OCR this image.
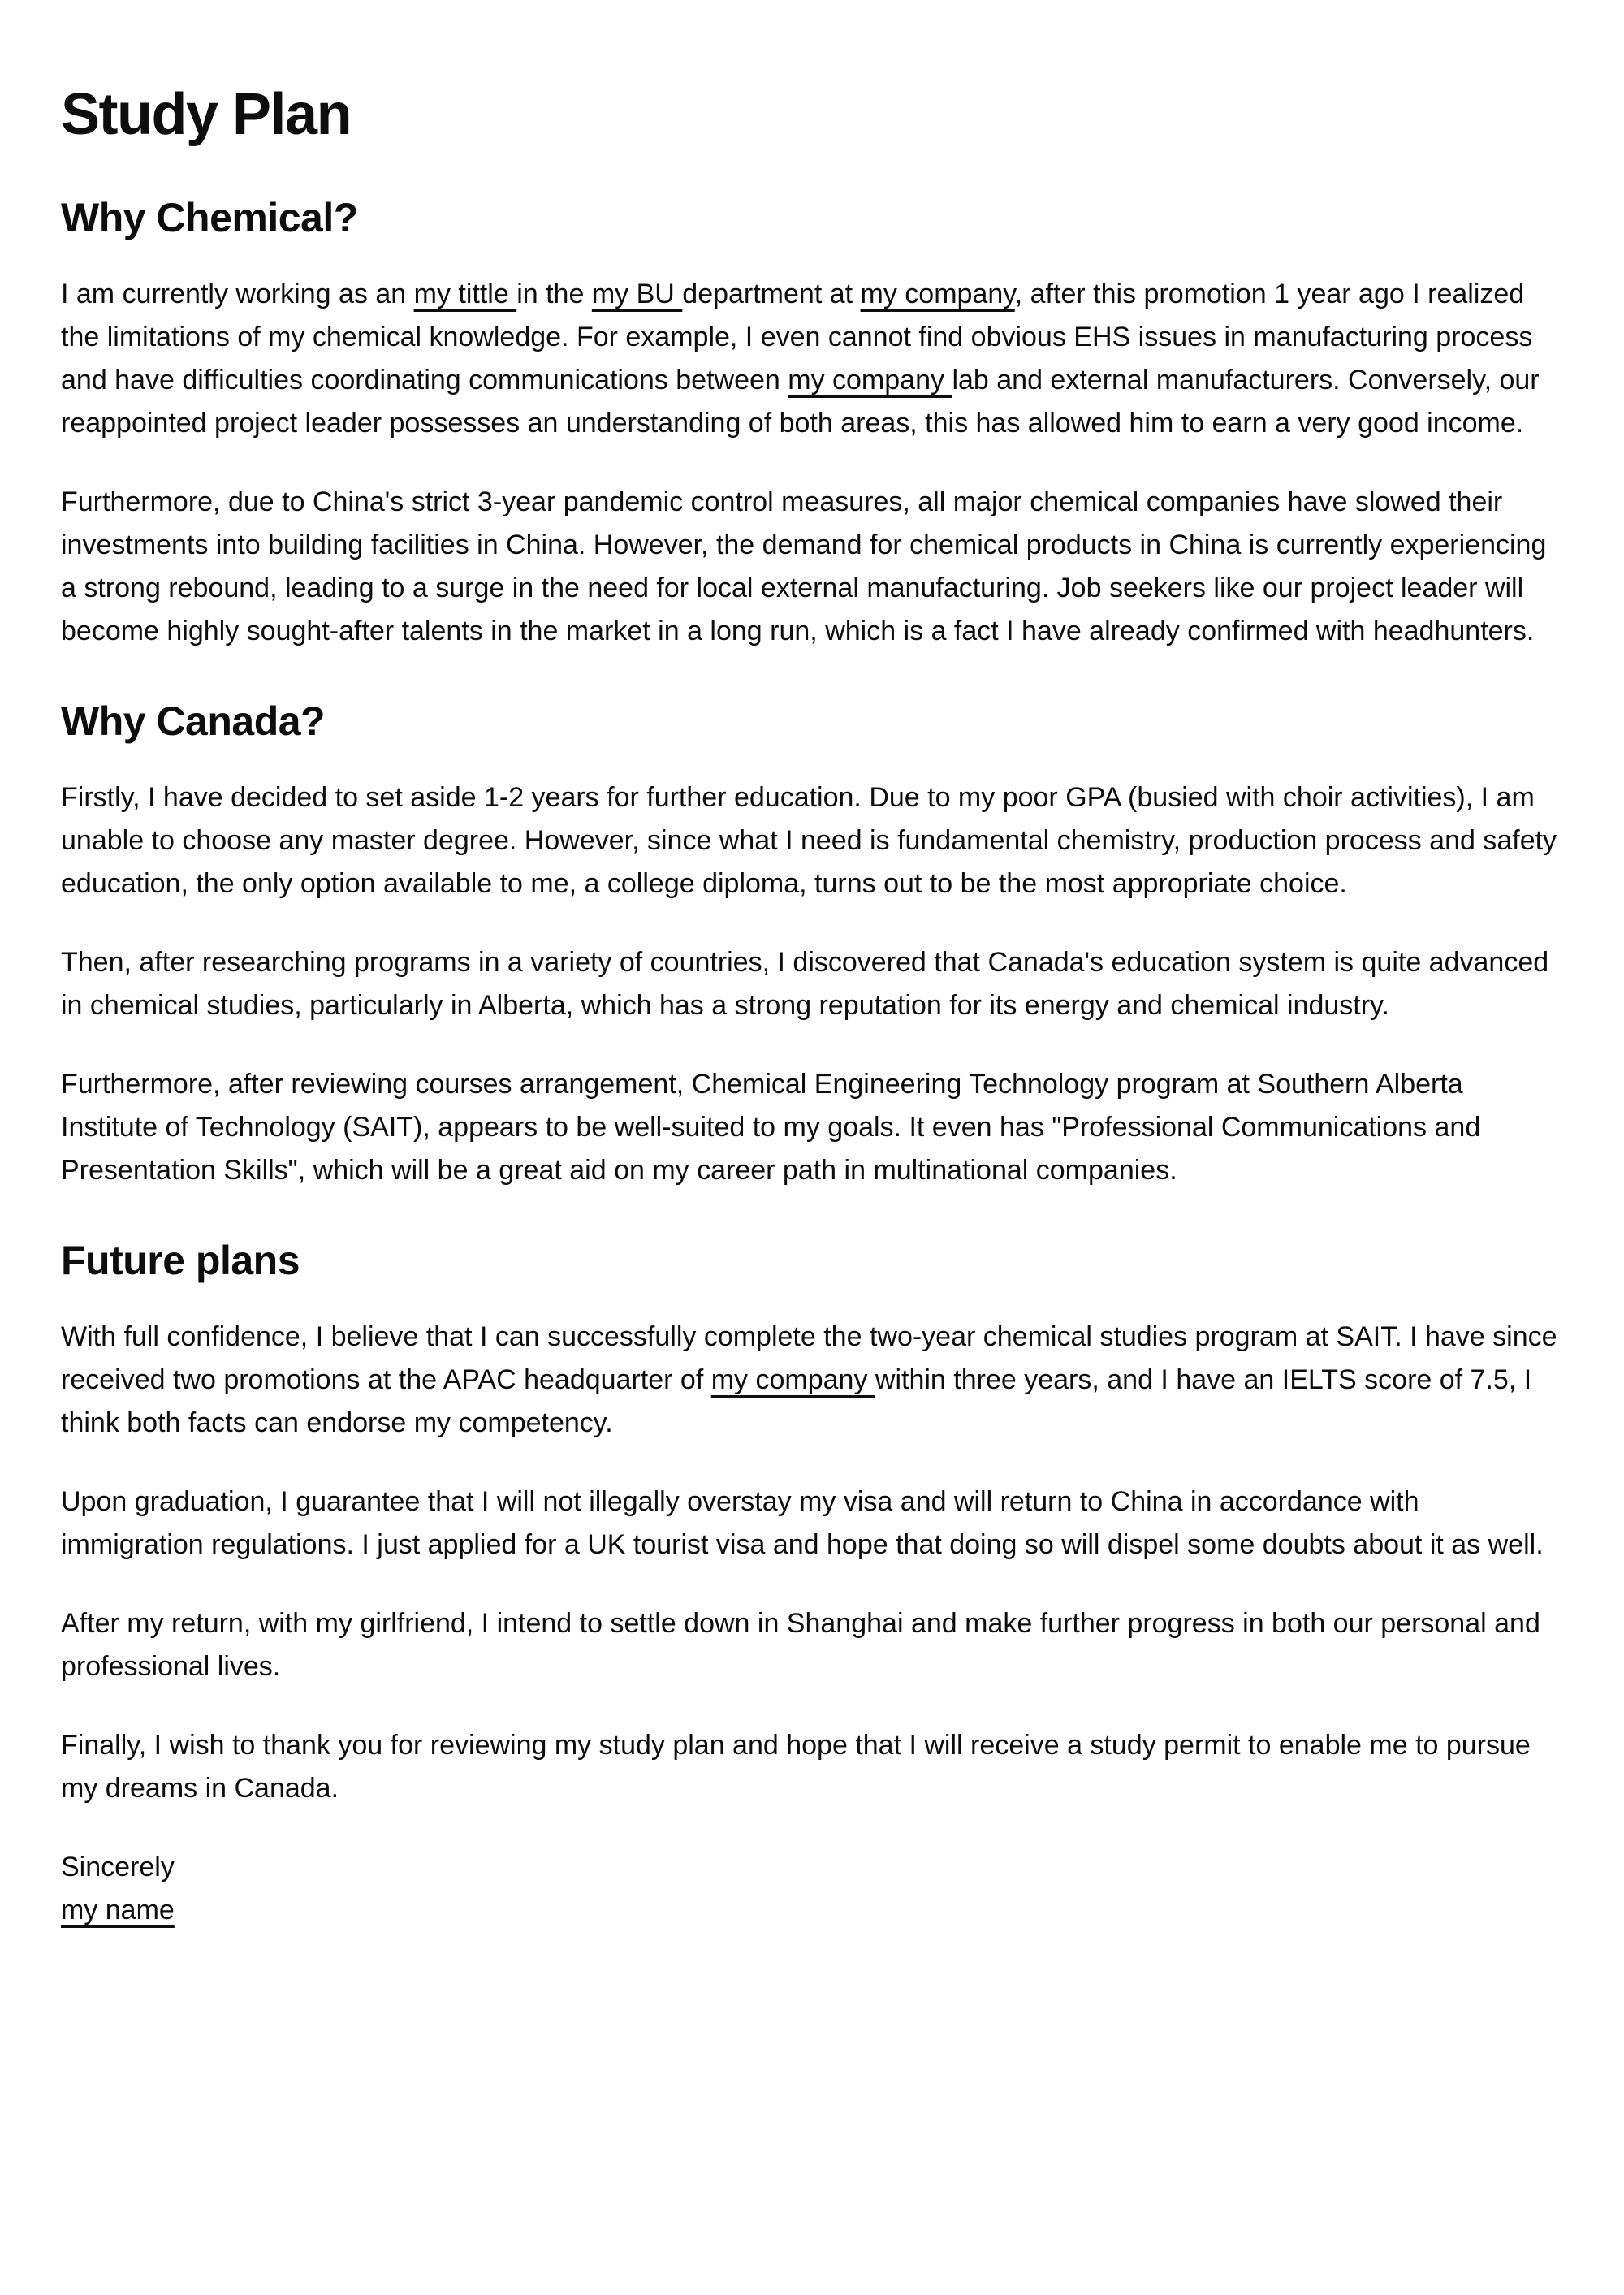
Study Plan
Why Chemical?

I am currently working as an my tittle in the my BU department at my company, after this promotion 1 year ago I realized the limitations of my chemical knowledge. For example, I even cannot find obvious EHS issues in manufacturing process and have difficulties coordinating communications between my company lab and external manufacturers. Conversely, our reappointed project leader possesses an understanding of both areas, this has allowed him to earn a very good income.

Furthermore, due to China's strict 3-year pandemic control measures, all major chemical companies have slowed their investments into building facilities in China. However, the demand for chemical products in China is currently experiencing a strong rebound, leading to a surge in the need for local external manufacturing. Job seekers like our project leader will become highly sought-after talents in the market in a long run, which is a fact I have already confirmed with headhunters.

Why Canada?

Firstly, I have decided to set aside 1-2 years for further education. Due to my poor GPA (busied with choir activities), I am unable to choose any master degree. However, since what I need is fundamental chemistry, production process and safety education, the only option available to me, a college diploma, turns out to be the most appropriate choice.

Then, after researching programs in a variety of countries, I discovered that Canada's education system is quite advanced in chemical studies, particularly in Alberta, which has a strong reputation for its energy and chemical industry.

Furthermore, after reviewing courses arrangement, Chemical Engineering Technology program at Southern Alberta Institute of Technology (SAIT), appears to be well-suited to my goals. It even has "Professional Communications and Presentation Skills", which will be a great aid on my career path in multinational companies.

Future plans

With full confidence, I believe that I can successfully complete the two-year chemical studies program at SAIT. I have since received two promotions at the APAC headquarter of my company within three years, and I have an IELTS score of 7.5, I think both facts can endorse my competency.

Upon graduation, I guarantee that I will not illegally overstay my visa and will return to China in accordance with immigration regulations. I just applied for a UK tourist visa and hope that doing so will dispel some doubts about it as well.

After my return, with my girlfriend, I intend to settle down in Shanghai and make further progress in both our personal and professional lives.

Finally, I wish to thank you for reviewing my study plan and hope that I will receive a study permit to enable me to pursue my dreams in Canada.

Sincerely
my name
